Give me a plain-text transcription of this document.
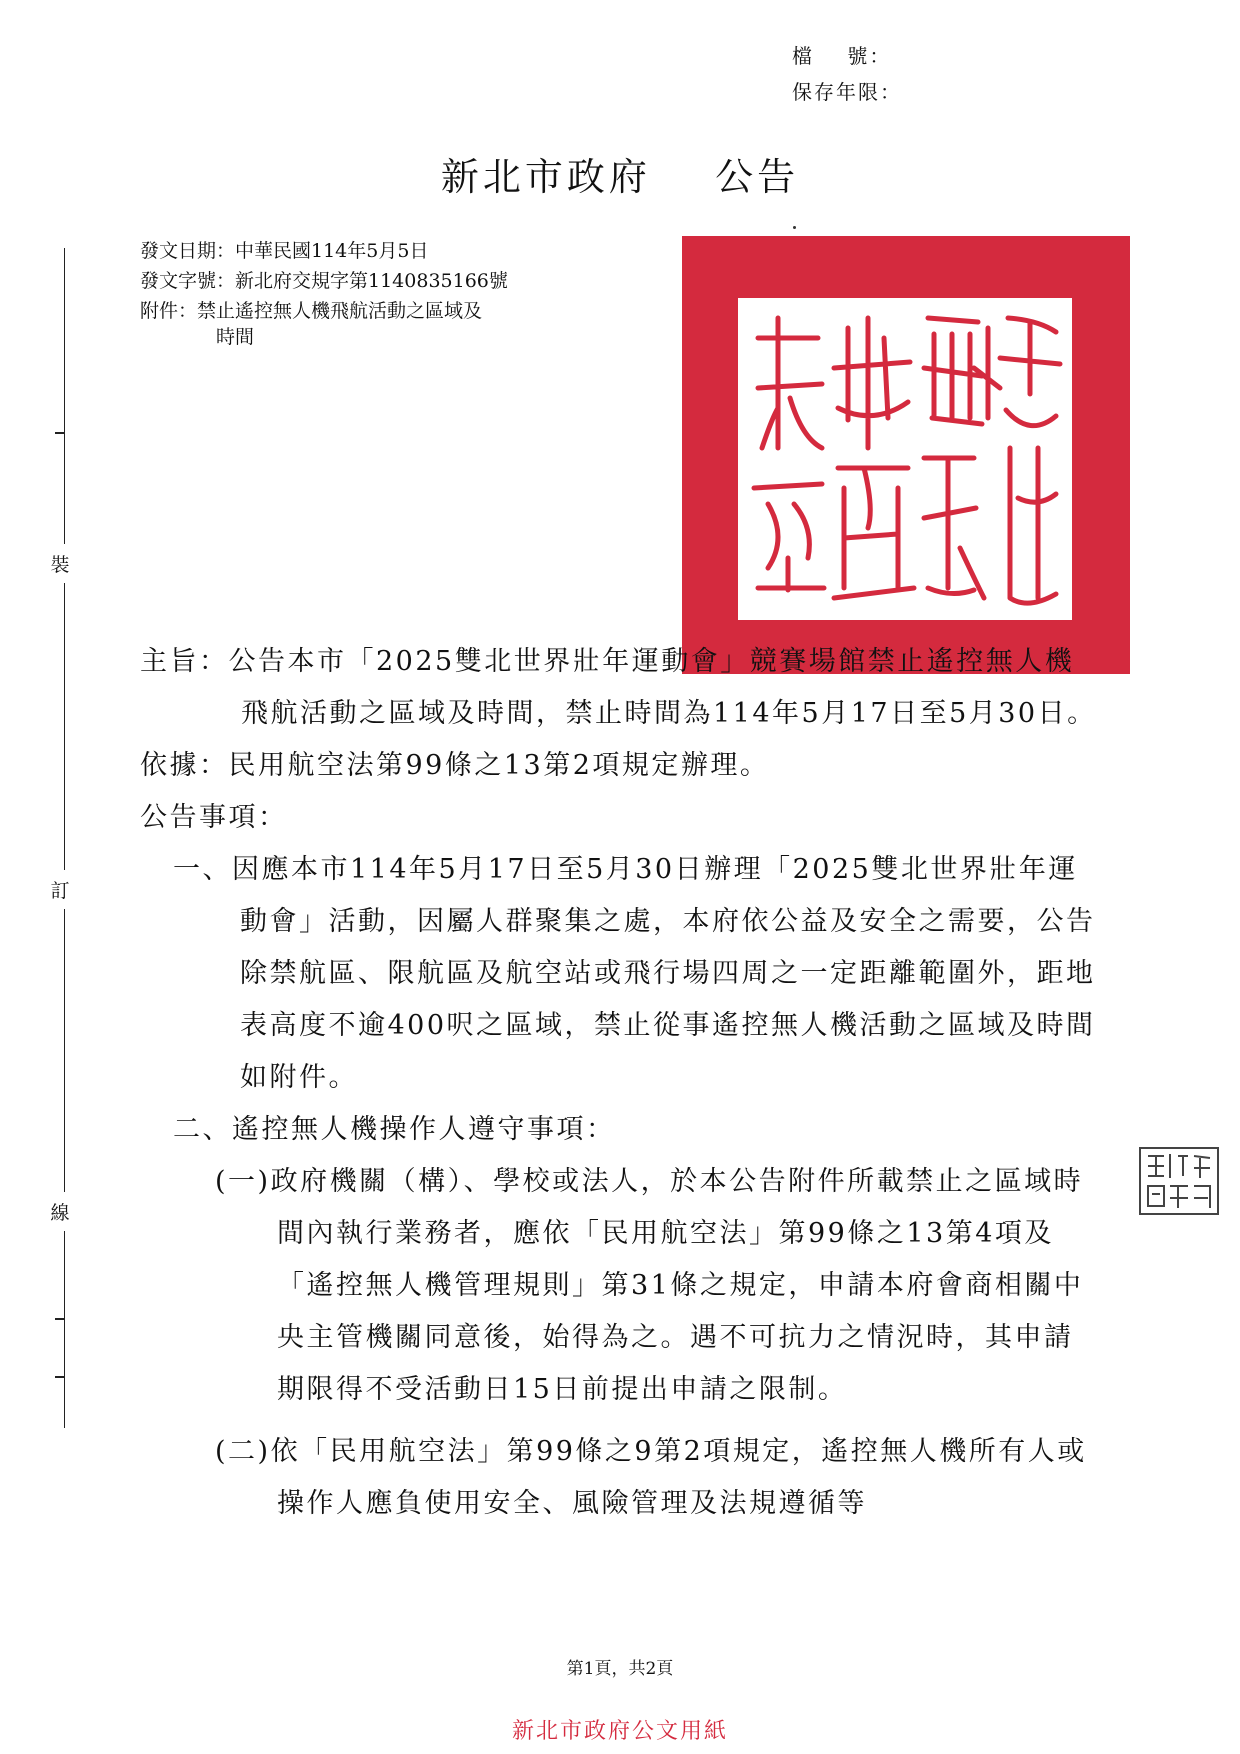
檔    號：
保存年限：
新北市政府 公告
發文日期：中華民國114年5月5日
發文字號：新北府交規字第1140835166號
附件：禁止遙控無人機飛航活動之區域及
時間
裝
訂
線
主旨：公告本市「2025雙北世界壯年運動會」競賽場館禁止遙控無人機飛航活動之區域及時間，禁止時間為114年5月17日至5月30日。
依據：民用航空法第99條之13第2項規定辦理。
公告事項：
一、因應本市114年5月17日至5月30日辦理「2025雙北世界壯年運動會」活動，因屬人群聚集之處，本府依公益及安全之需要，公告除禁航區、限航區及航空站或飛行場四周之一定距離範圍外，距地表高度不逾400呎之區域，禁止從事遙控無人機活動之區域及時間如附件。
二、遙控無人機操作人遵守事項：
(一)政府機關（構）、學校或法人，於本公告附件所載禁止之區域時間內執行業務者，應依「民用航空法」第99條之13第4項及「遙控無人機管理規則」第31條之規定，申請本府會商相關中央主管機關同意後，始得為之。遇不可抗力之情況時，其申請期限得不受活動日15日前提出申請之限制。
(二)依「民用航空法」第99條之9第2項規定，遙控無人機所有人或操作人應負使用安全、風險管理及法規遵循等
第1頁，共2頁
新北市政府公文用紙
